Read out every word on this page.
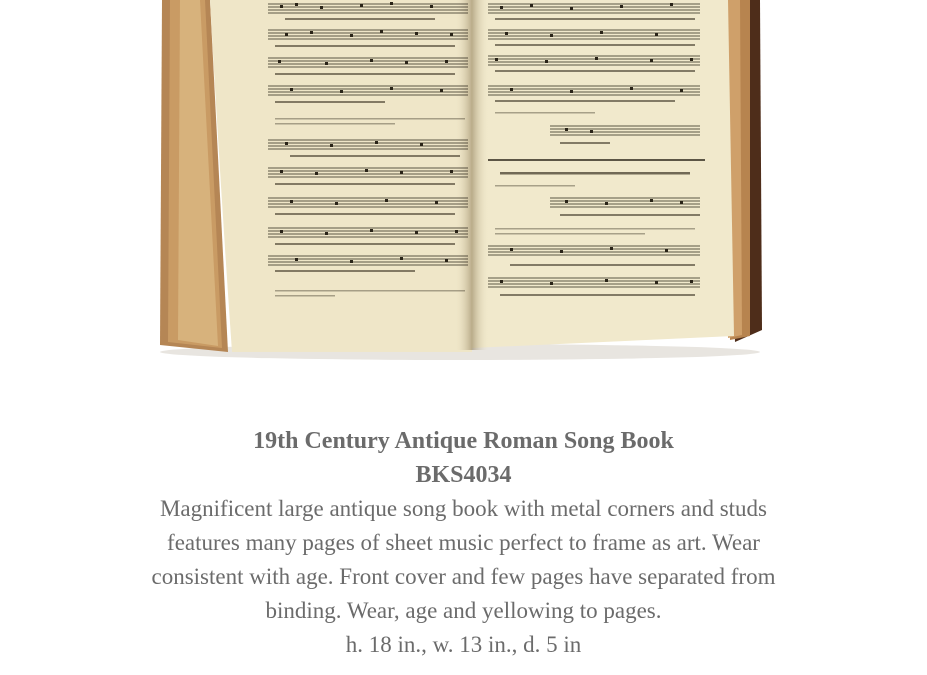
19th Century Antique Roman Song Book

BKS4034

Magnificent large antique song book with metal corners and studs features many pages of sheet music perfect to frame as art. Wear consistent with age. Front cover and few pages have separated from binding. Wear, age and yellowing to pages.

h. 18 in., w. 13 in., d. 5 in
